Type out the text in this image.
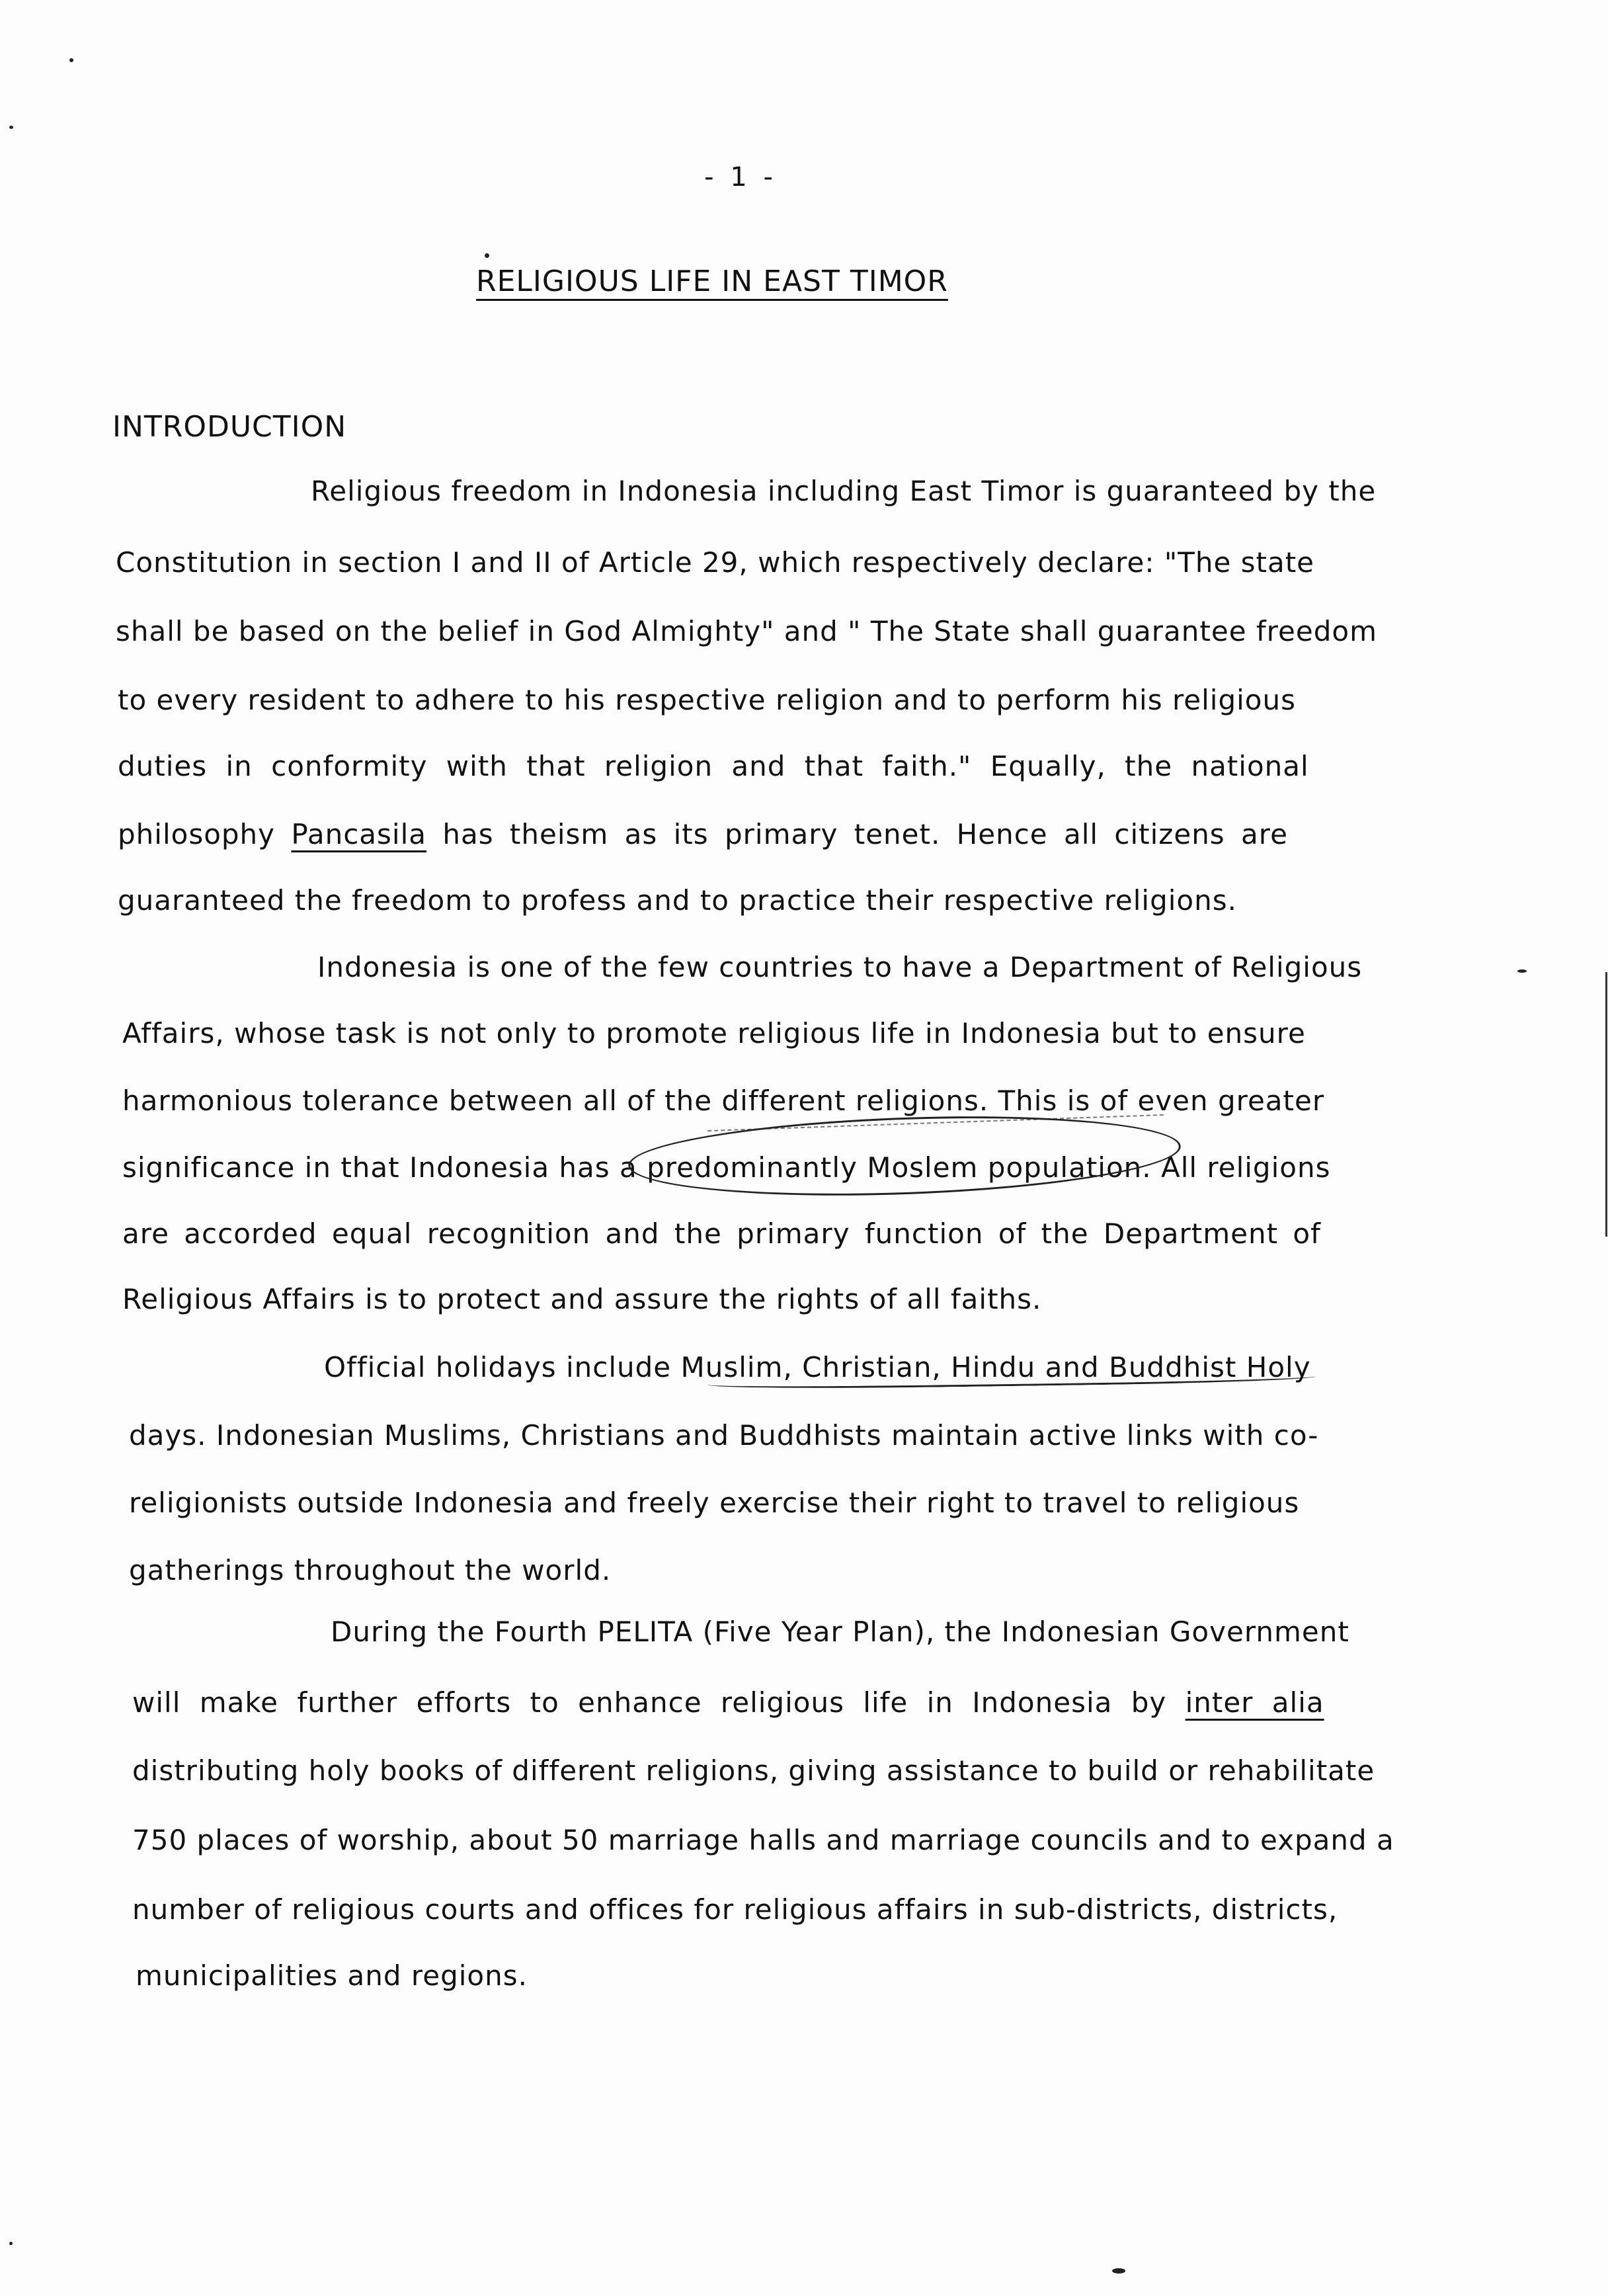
- 1 -
RELIGIOUS LIFE IN EAST TIMOR
INTRODUCTION
Religious freedom in Indonesia including East Timor is guaranteed by the
Constitution in section I and II of Article 29, which respectively declare: "The state
shall be based on the belief in God Almighty" and " The State shall guarantee freedom
to every resident to adhere to his respective religion and to perform his religious
duties in conformity with that religion and that faith." Equally, the national
philosophy Pancasila has theism as its primary tenet. Hence all citizens are
guaranteed the freedom to profess and to practice their respective religions.
Indonesia is one of the few countries to have a Department of Religious
Affairs, whose task is not only to promote religious life in Indonesia but to ensure
harmonious tolerance between all of the different religions. This is of even greater
significance in that Indonesia has a predominantly Moslem population. All religions
are accorded equal recognition and the primary function of the Department of
Religious Affairs is to protect and assure the rights of all faiths.
Official holidays include Muslim, Christian, Hindu and Buddhist Holy
days. Indonesian Muslims, Christians and Buddhists maintain active links with co-
religionists outside Indonesia and freely exercise their right to travel to religious
gatherings throughout the world.
During the Fourth PELITA (Five Year Plan), the Indonesian Government
will make further efforts to enhance religious life in Indonesia by inter alia
distributing holy books of different religions, giving assistance to build or rehabilitate
750 places of worship, about 50 marriage halls and marriage councils and to expand a
number of religious courts and offices for religious affairs in sub-districts, districts,
municipalities and regions.
